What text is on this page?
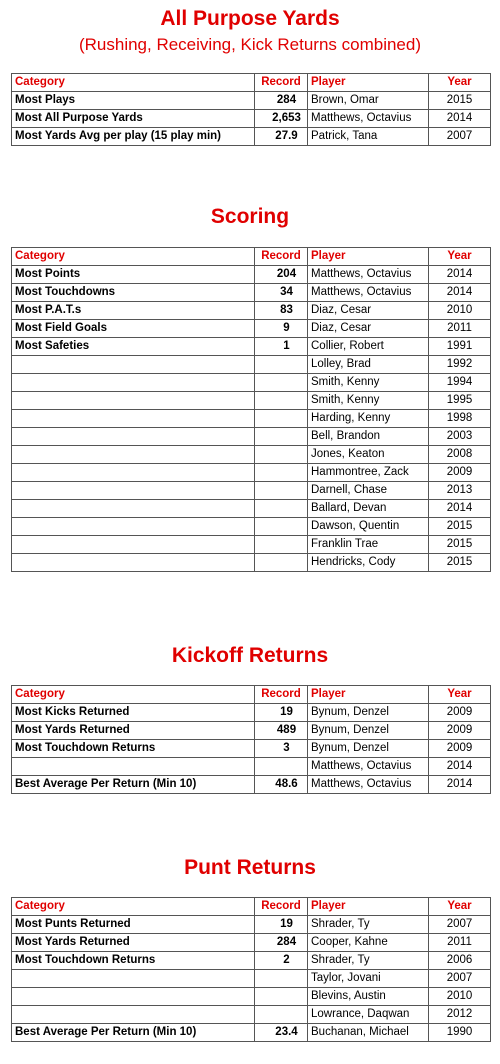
All Purpose Yards
(Rushing, Receiving, Kick Returns combined)
Category	Record	Player	Year
Most Plays	284	Brown, Omar	2015
Most All Purpose Yards	2,653	Matthews, Octavius	2014
Most Yards Avg per play (15 play min)	27.9	Patrick, Tana	2007
Scoring
Category	Record	Player	Year
Most Points	204	Matthews, Octavius	2014
Most Touchdowns	34	Matthews, Octavius	2014
Most P.A.T.s	83	Diaz, Cesar	2010
Most Field Goals	9	Diaz, Cesar	2011
Most Safeties	1	Collier, Robert	1991
		Lolley, Brad	1992
		Smith, Kenny	1994
		Smith, Kenny	1995
		Harding, Kenny	1998
		Bell, Brandon	2003
		Jones, Keaton	2008
		Hammontree, Zack	2009
		Darnell, Chase	2013
		Ballard, Devan	2014
		Dawson, Quentin	2015
		Franklin Trae	2015
		Hendricks, Cody	2015
Kickoff Returns
Category	Record	Player	Year
Most Kicks Returned	19	Bynum, Denzel	2009
Most Yards Returned	489	Bynum, Denzel	2009
Most Touchdown Returns	3	Bynum, Denzel	2009
		Matthews, Octavius	2014
Best Average Per Return (Min 10)	48.6	Matthews, Octavius	2014
Punt Returns
Category	Record	Player	Year
Most Punts Returned	19	Shrader, Ty	2007
Most Yards Returned	284	Cooper, Kahne	2011
Most Touchdown Returns	2	Shrader, Ty	2006
		Taylor, Jovani	2007
		Blevins, Austin	2010
		Lowrance, Daqwan	2012
Best Average Per Return (Min 10)	23.4	Buchanan, Michael	1990
